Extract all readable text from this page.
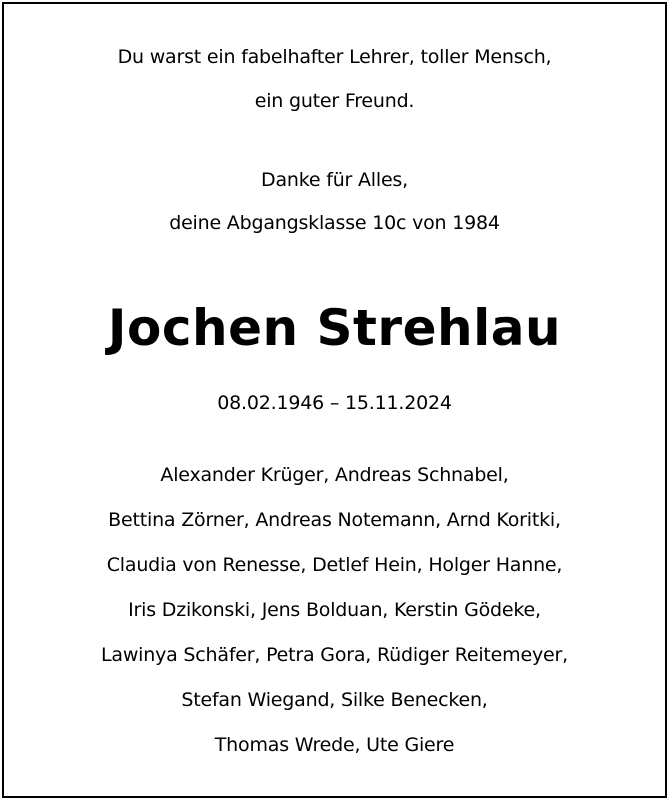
Du warst ein fabelhafter Lehrer, toller Mensch,
ein guter Freund.
Danke für Alles,
deine Abgangsklasse 10c von 1984
Jochen Strehlau
08.02.1946 – 15.11.2024
Alexander Krüger, Andreas Schnabel,
Bettina Zörner, Andreas Notemann, Arnd Koritki,
Claudia von Renesse, Detlef Hein, Holger Hanne,
Iris Dzikonski, Jens Bolduan, Kerstin Gödeke,
Lawinya Schäfer, Petra Gora, Rüdiger Reitemeyer,
Stefan Wiegand, Silke Benecken,
Thomas Wrede, Ute Giere
